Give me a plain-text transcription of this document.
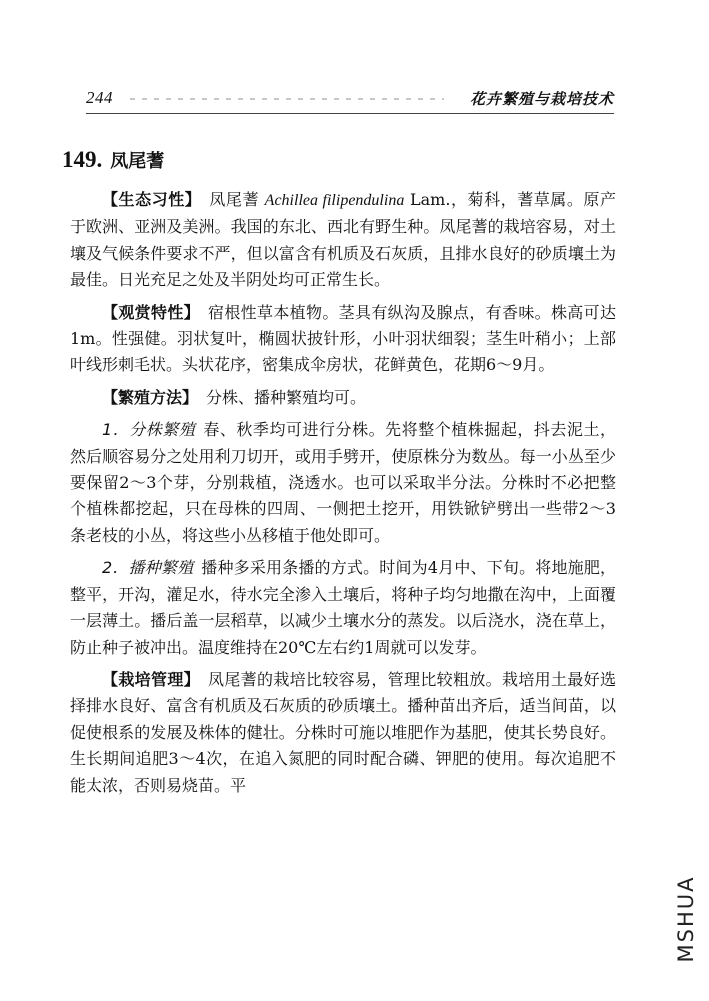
244	花卉繁殖与栽培技术
149. 凤尾蓍

【生态习性】 凤尾蓍 Achillea filipendulina Lam.，菊科，蓍草属。原产于欧洲、亚洲及美洲。我国的东北、西北有野生种。凤尾蓍的栽培容易，对土壤及气候条件要求不严，但以富含有机质及石灰质，且排水良好的砂质壤土为最佳。日光充足之处及半阴处均可正常生长。

【观赏特性】 宿根性草本植物。茎具有纵沟及腺点，有香味。株高可达1m。性强健。羽状复叶，椭圆状披针形，小叶羽状细裂；茎生叶稍小；上部叶线形刺毛状。头状花序，密集成伞房状，花鲜黄色，花期6～9月。

【繁殖方法】 分株、播种繁殖均可。

1．分株繁殖 春、秋季均可进行分株。先将整个植株掘起，抖去泥土，然后顺容易分之处用利刀切开，或用手劈开，使原株分为数丛。每一小丛至少要保留2～3个芽，分别栽植，浇透水。也可以采取半分法。分株时不必把整个植株都挖起，只在母株的四周、一侧把土挖开，用铁锨铲劈出一些带2～3条老枝的小丛，将这些小丛移植于他处即可。

2．播种繁殖 播种多采用条播的方式。时间为4月中、下旬。将地施肥，整平，开沟，灌足水，待水完全渗入土壤后，将种子均匀地撒在沟中，上面覆一层薄土。播后盖一层稻草，以减少土壤水分的蒸发。以后浇水，浇在草上，防止种子被冲出。温度维持在20℃左右约1周就可以发芽。

【栽培管理】 凤尾蓍的栽培比较容易，管理比较粗放。栽培用土最好选择排水良好、富含有机质及石灰质的砂质壤土。播种苗出齐后，适当间苗，以促使根系的发展及株体的健壮。分株时可施以堆肥作为基肥，使其长势良好。生长期间追肥3～4次，在追入氮肥的同时配合磷、钾肥的使用。每次追肥不能太浓，否则易烧苗。平

MSHUA
